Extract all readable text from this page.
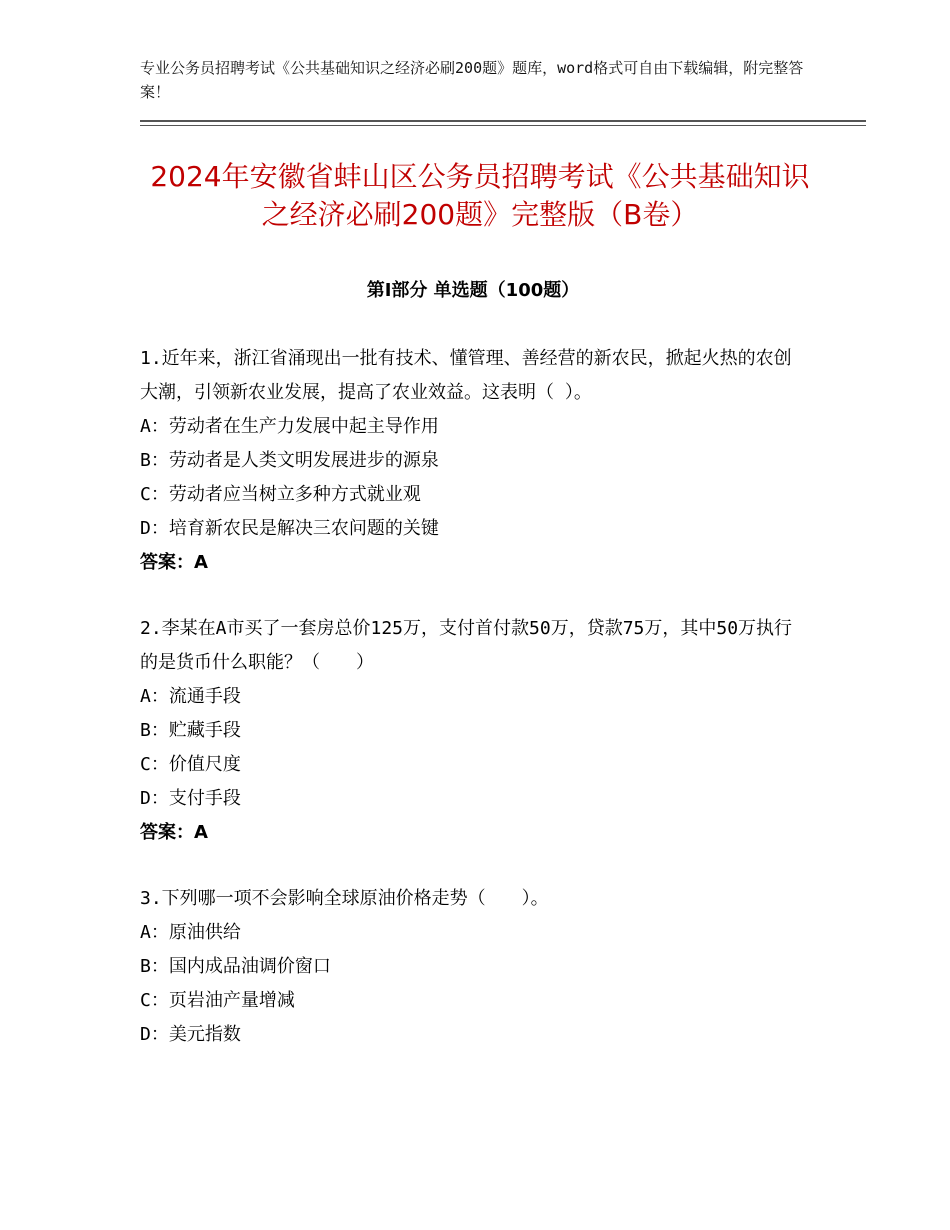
专业公务员招聘考试《公共基础知识之经济必刷200题》题库，word格式可自由下载编辑，附完整答案！
2024年安徽省蚌山区公务员招聘考试《公共基础知识之经济必刷200题》完整版（B卷）
第Ⅰ部分 单选题（100题）
1.近年来，浙江省涌现出一批有技术、懂管理、善经营的新农民，掀起火热的农创大潮，引领新农业发展，提高了农业效益。这表明（ ）。
A：劳动者在生产力发展中起主导作用
B：劳动者是人类文明发展进步的源泉
C：劳动者应当树立多种方式就业观
D：培育新农民是解决三农问题的关键
答案：A
2.李某在A市买了一套房总价125万，支付首付款50万，贷款75万，其中50万执行的是货币什么职能？（　　）
A：流通手段
B：贮藏手段
C：价值尺度
D：支付手段
答案：A
3.下列哪一项不会影响全球原油价格走势（　　）。
A：原油供给
B：国内成品油调价窗口
C：页岩油产量增减
D：美元指数
